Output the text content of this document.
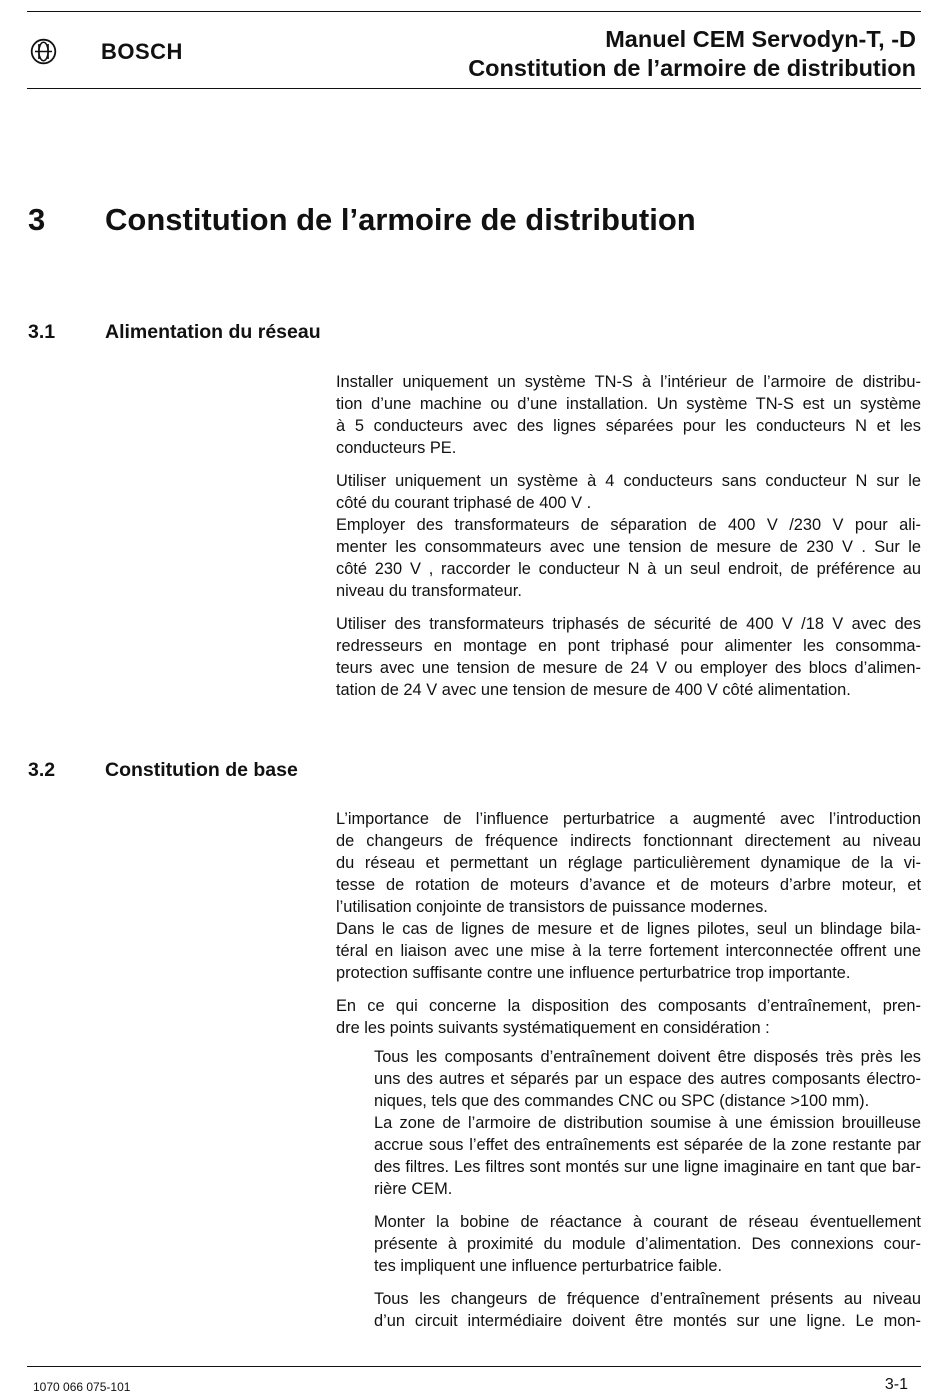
BOSCH	Manuel CEM Servodyn-T, -D
Constitution de l’armoire de distribution
3 Constitution de l’armoire de distribution
3.1	Alimentation du réseau
Installer uniquement un système TN-S à l’intérieur de l’armoire de distribu-
tion d’une machine ou d’une installation. Un système TN-S est un système
à 5 conducteurs avec des lignes séparées pour les conducteurs N et les
conducteurs PE.
Utiliser uniquement un système à 4 conducteurs sans conducteur N sur le
côté du courant triphasé de 400 V .
Employer des transformateurs de séparation de 400 V /230 V pour ali-
menter les consommateurs avec une tension de mesure de 230 V . Sur le
côté 230 V , raccorder le conducteur N à un seul endroit, de préférence au
niveau du transformateur.
Utiliser des transformateurs triphasés de sécurité de 400 V /18 V avec des
redresseurs en montage en pont triphasé pour alimenter les consomma-
teurs avec une tension de mesure de 24 V ou employer des blocs d’alimen-
tation de 24 V avec une tension de mesure de 400 V côté alimentation.
3.2	Constitution de base
L’importance de l’influence perturbatrice a augmenté avec l’introduction
de changeurs de fréquence indirects fonctionnant directement au niveau
du réseau et permettant un réglage particulièrement dynamique de la vi-
tesse de rotation de moteurs d’avance et de moteurs d’arbre moteur, et
l’utilisation conjointe de transistors de puissance modernes.
Dans le cas de lignes de mesure et de lignes pilotes, seul un blindage bila-
téral en liaison avec une mise à la terre fortement interconnectée offrent une
protection suffisante contre une influence perturbatrice trop importante.
En ce qui concerne la disposition des composants d’entraînement, pren-
dre les points suivants systématiquement en considération :
Tous les composants d’entraînement doivent être disposés très près les
uns des autres et séparés par un espace des autres composants électro-
niques, tels que des commandes CNC ou SPC (distance >100 mm).
La zone de l’armoire de distribution soumise à une émission brouilleuse
accrue sous l’effet des entraînements est séparée de la zone restante par
des filtres. Les filtres sont montés sur une ligne imaginaire en tant que bar-
rière CEM.
Monter la bobine de réactance à courant de réseau éventuellement
présente à proximité du module d’alimentation. Des connexions cour-
tes impliquent une influence perturbatrice faible.
Tous les changeurs de fréquence d’entraînement présents au niveau
d’un circuit intermédiaire doivent être montés sur une ligne. Le mon-
1070 066 075-101	3-1
